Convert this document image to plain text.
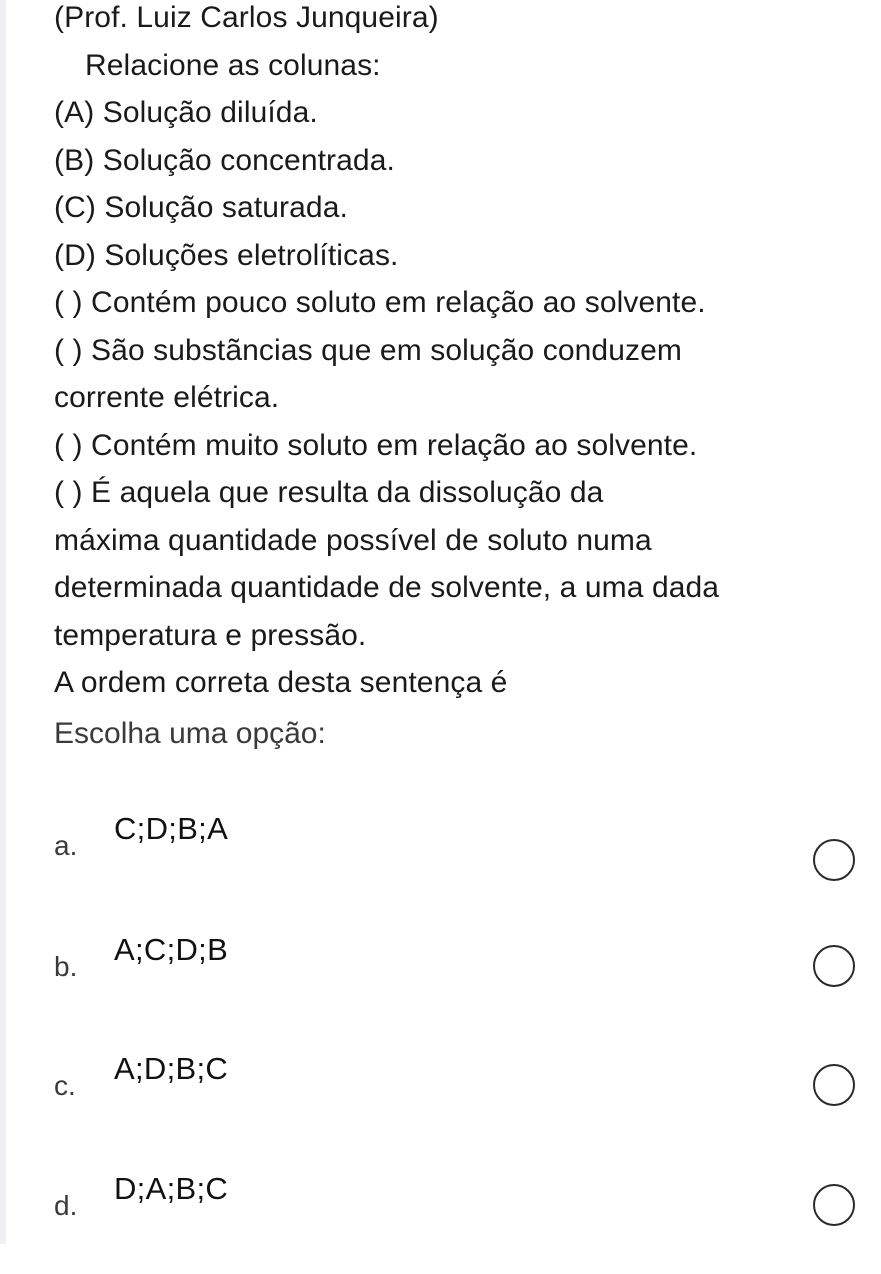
(Prof. Luiz Carlos Junqueira)
Relacione as colunas:
(A) Solução diluída.
(B) Solução concentrada.
(C) Solução saturada.
(D) Soluções eletrolíticas.
( ) Contém pouco soluto em relação ao solvente.
( ) São substãncias que em solução conduzem
corrente elétrica.
( ) Contém muito soluto em relação ao solvente.
( ) É aquela que resulta da dissolução da
máxima quantidade possível de soluto numa
determinada quantidade de solvente, a uma dada
temperatura e pressão.
A ordem correta desta sentença é
Escolha uma opção:
a. C;D;B;A
b. A;C;D;B
c. A;D;B;C
d. D;A;B;C
